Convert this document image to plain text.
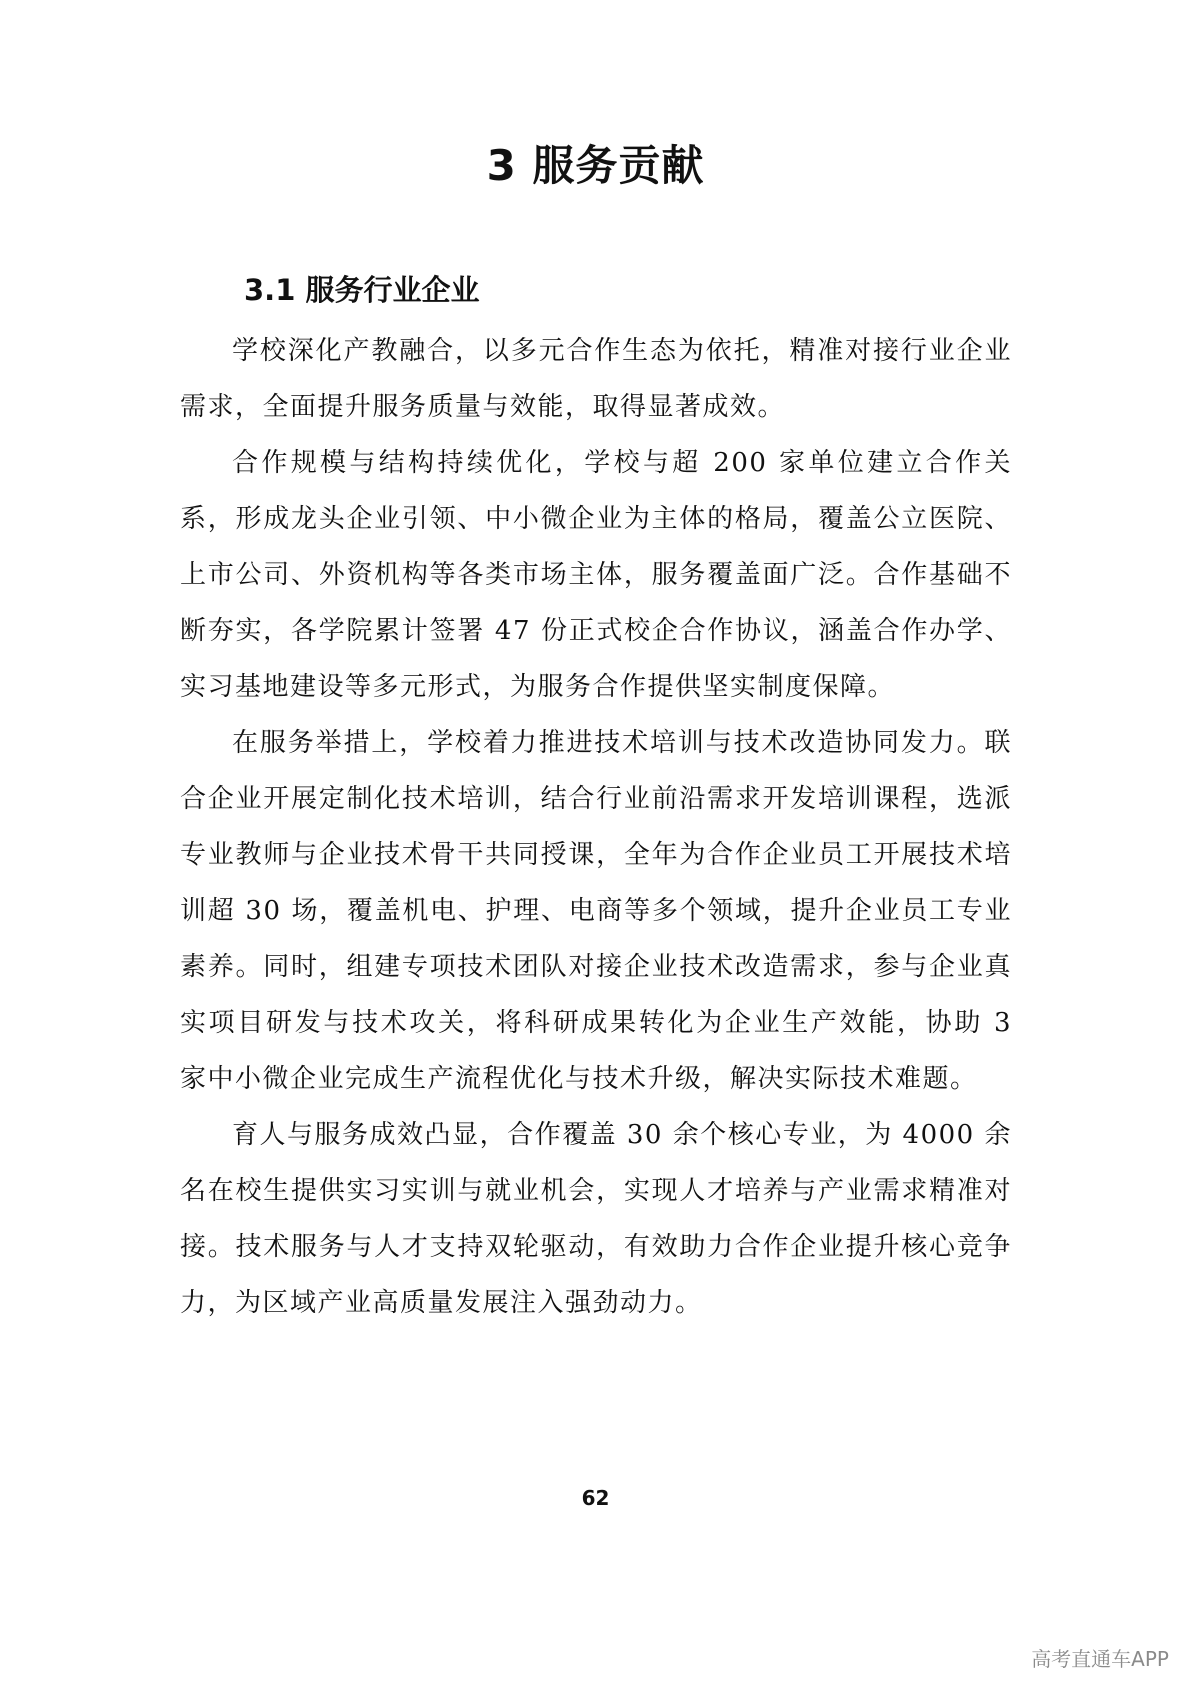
3 服务贡献
3.1 服务行业企业

学校深化产教融合，以多元合作生态为依托，精准对接行业企业需求，全面提升服务质量与效能，取得显著成效。

合作规模与结构持续优化，学校与超 200 家单位建立合作关系，形成龙头企业引领、中小微企业为主体的格局，覆盖公立医院、上市公司、外资机构等各类市场主体，服务覆盖面广泛。合作基础不断夯实，各学院累计签署 47 份正式校企合作协议，涵盖合作办学、实习基地建设等多元形式，为服务合作提供坚实制度保障。

在服务举措上，学校着力推进技术培训与技术改造协同发力。联合企业开展定制化技术培训，结合行业前沿需求开发培训课程，选派专业教师与企业技术骨干共同授课，全年为合作企业员工开展技术培训超 30 场，覆盖机电、护理、电商等多个领域，提升企业员工专业素养。同时，组建专项技术团队对接企业技术改造需求，参与企业真实项目研发与技术攻关，将科研成果转化为企业生产效能，协助 3 家中小微企业完成生产流程优化与技术升级，解决实际技术难题。

育人与服务成效凸显，合作覆盖 30 余个核心专业，为 4000 余名在校生提供实习实训与就业机会，实现人才培养与产业需求精准对接。技术服务与人才支持双轮驱动，有效助力合作企业提升核心竞争力，为区域产业高质量发展注入强劲动力。

62
高考直通车APP
